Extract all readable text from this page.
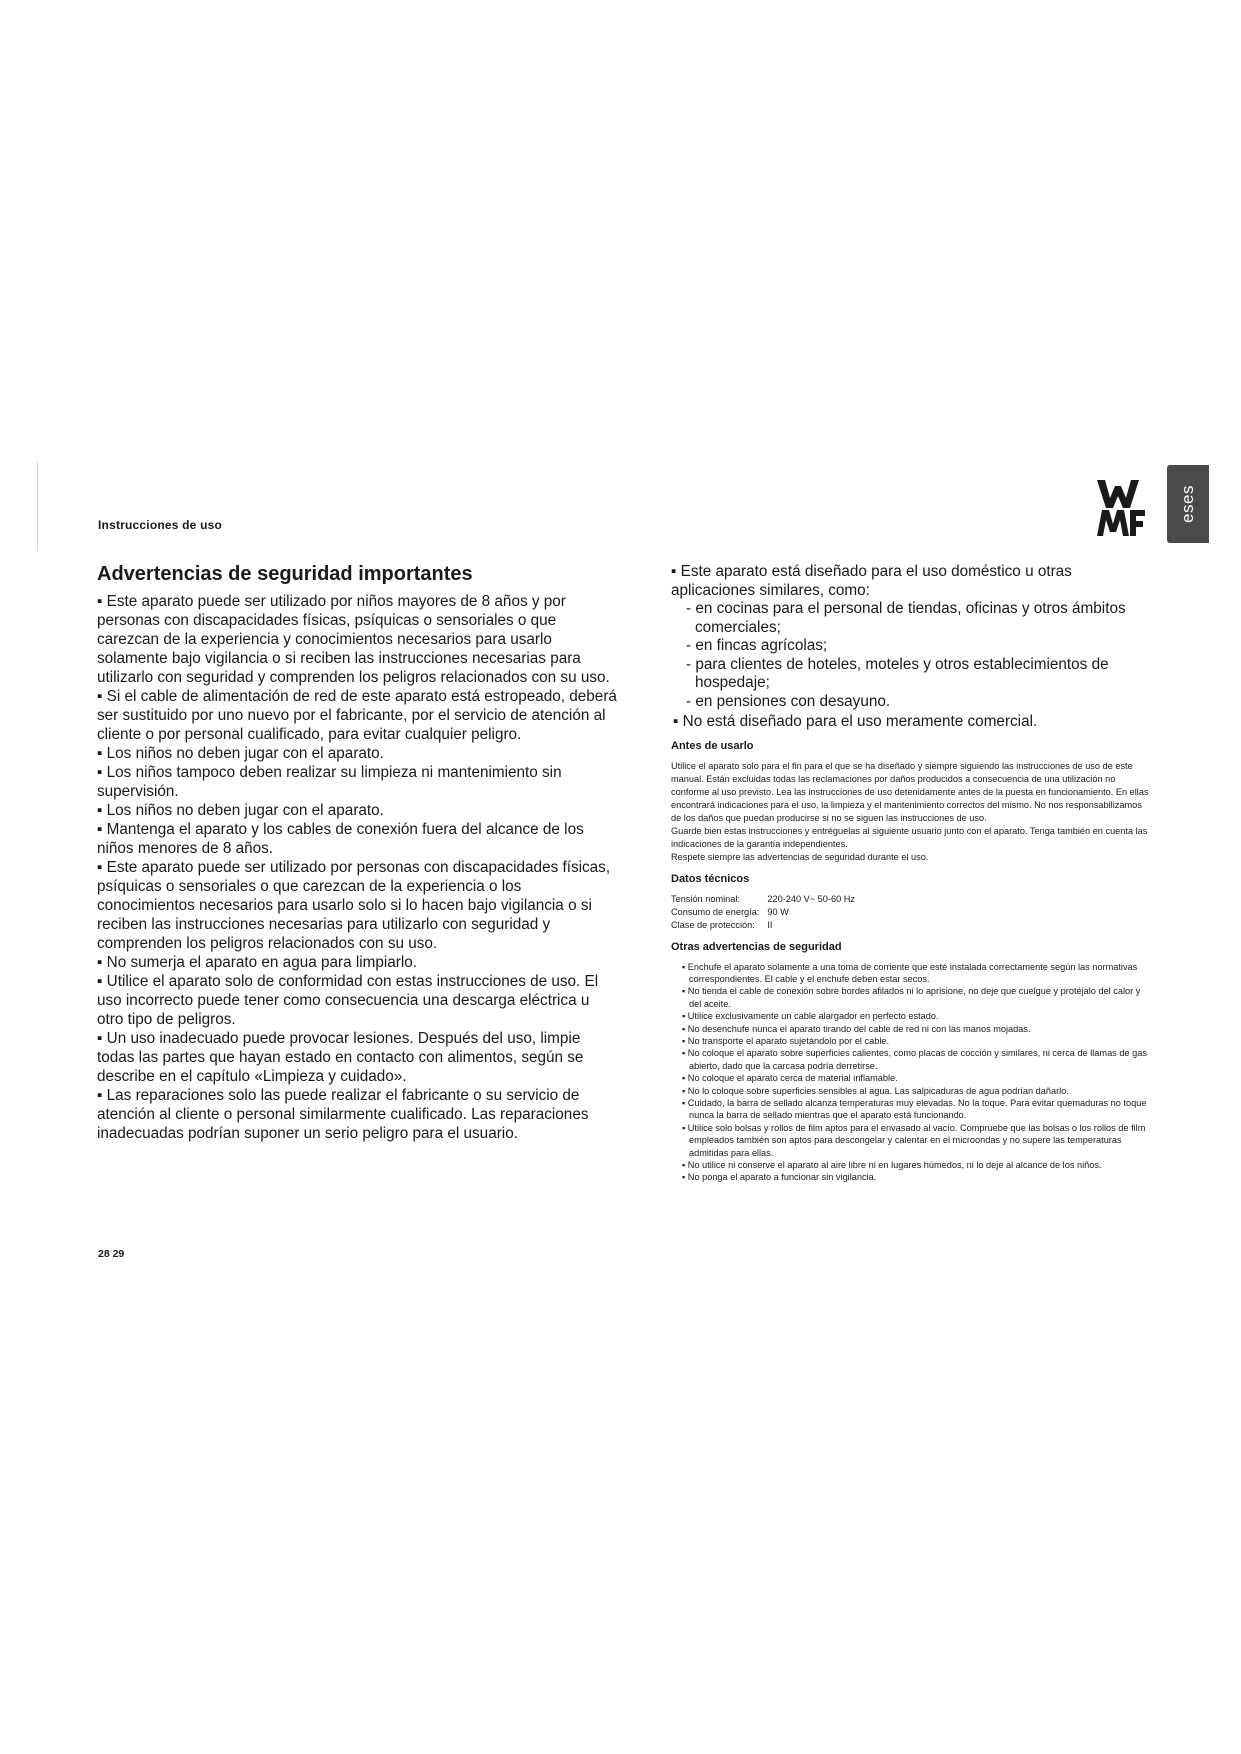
Instrucciones de uso
eses
Advertencias de seguridad importantes

▪ Este aparato puede ser utilizado por niños mayores de 8 años y por personas con discapacidades físicas, psíquicas o sensoriales o que carezcan de la experiencia y conocimientos necesarios para usarlo solamente bajo vigilancia o si reciben las instrucciones necesarias para utilizarlo con seguridad y comprenden los peligros relacionados con su uso.

▪ Si el cable de alimentación de red de este aparato está estropeado, deberá ser sustituido por uno nuevo por el fabricante, por el servicio de atención al cliente o por personal cualificado, para evitar cualquier peligro.

▪ Los niños no deben jugar con el aparato.

▪ Los niños tampoco deben realizar su limpieza ni mantenimiento sin supervisión.

▪ Los niños no deben jugar con el aparato.

▪ Mantenga el aparato y los cables de conexión fuera del alcance de los niños menores de 8 años.

▪ Este aparato puede ser utilizado por personas con discapacidades físicas, psíquicas o sensoriales o que carezcan de la experiencia o los conocimientos necesarios para usarlo solo si lo hacen bajo vigilancia o si reciben las instrucciones necesarias para utilizarlo con seguridad y comprenden los peligros relacionados con su uso.

▪ No sumerja el aparato en agua para limpiarlo.

▪ Utilice el aparato solo de conformidad con estas instrucciones de uso. El uso incorrecto puede tener como consecuencia una descarga eléctrica u otro tipo de peligros.

▪ Un uso inadecuado puede provocar lesiones. Después del uso, limpie todas las partes que hayan estado en contacto con alimentos, según se describe en el capítulo «Limpieza y cuidado».

▪ Las reparaciones solo las puede realizar el fabricante o su servicio de atención al cliente o personal similarmente cualificado. Las reparaciones inadecuadas podrían suponer un serio peligro para el usuario.

▪ Este aparato está diseñado para el uso doméstico u otras aplicaciones similares, como:

- en cocinas para el personal de tiendas, oficinas y otros ámbitos comerciales;

- en fincas agrícolas;

- para clientes de hoteles, moteles y otros establecimientos de hospedaje;

- en pensiones con desayuno.

▪ No está diseñado para el uso meramente comercial.

Antes de usarlo

Utilice el aparato solo para el fin para el que se ha diseñado y siempre siguiendo las instrucciones de uso de este manual. Están excluidas todas las reclamaciones por daños producidos a consecuencia de una utilización no conforme al uso previsto. Lea las instrucciones de uso detenidamente antes de la puesta en funcionamiento. En ellas encontrará indicaciones para el uso, la limpieza y el mantenimiento correctos del mismo. No nos responsabilizamos de los daños que puedan producirse si no se siguen las instrucciones de uso.

Guarde bien estas instrucciones y entréguelas al siguiente usuario junto con el aparato. Tenga también en cuenta las indicaciones de la garantía independientes.

Respete siempre las advertencias de seguridad durante el uso.

Datos técnicos
Tensión nominal:	220-240 V~ 50-60 Hz
Consumo de energía:	90 W
Clase de protección:	II
Otras advertencias de seguridad

▪ Enchufe el aparato solamente a una toma de corriente que esté instalada correctamente según las normativas correspondientes. El cable y el enchufe deben estar secos.

▪ No tienda el cable de conexión sobre bordes afilados ni lo aprisione, no deje que cuelgue y protéjalo del calor y del aceite.

▪ Utilice exclusivamente un cable alargador en perfecto estado.

▪ No desenchufe nunca el aparato tirando del cable de red ni con las manos mojadas.

▪ No transporte el aparato sujetándolo por el cable.

▪ No coloque el aparato sobre superficies calientes, como placas de cocción y similares, ni cerca de llamas de gas abierto, dado que la carcasa podría derretirse.

▪ No coloque el aparato cerca de material inflamable.

▪ No lo coloque sobre superficies sensibles al agua. Las salpicaduras de agua podrían dañarlo.

▪ Cuidado, la barra de sellado alcanza temperaturas muy elevadas. No la toque. Para evitar quemaduras no toque nunca la barra de sellado mientras que el aparato está funcionando.

▪ Utilice solo bolsas y rollos de film aptos para el envasado al vacío. Compruebe que las bolsas o los rollos de film empleados también son aptos para descongelar y calentar en el microondas y no supere las temperaturas admitidas para ellas.

▪ No utilice ni conserve el aparato al aire libre ni en lugares húmedos, ni lo deje al alcance de los niños.

▪ No ponga el aparato a funcionar sin vigilancia.

28 29
